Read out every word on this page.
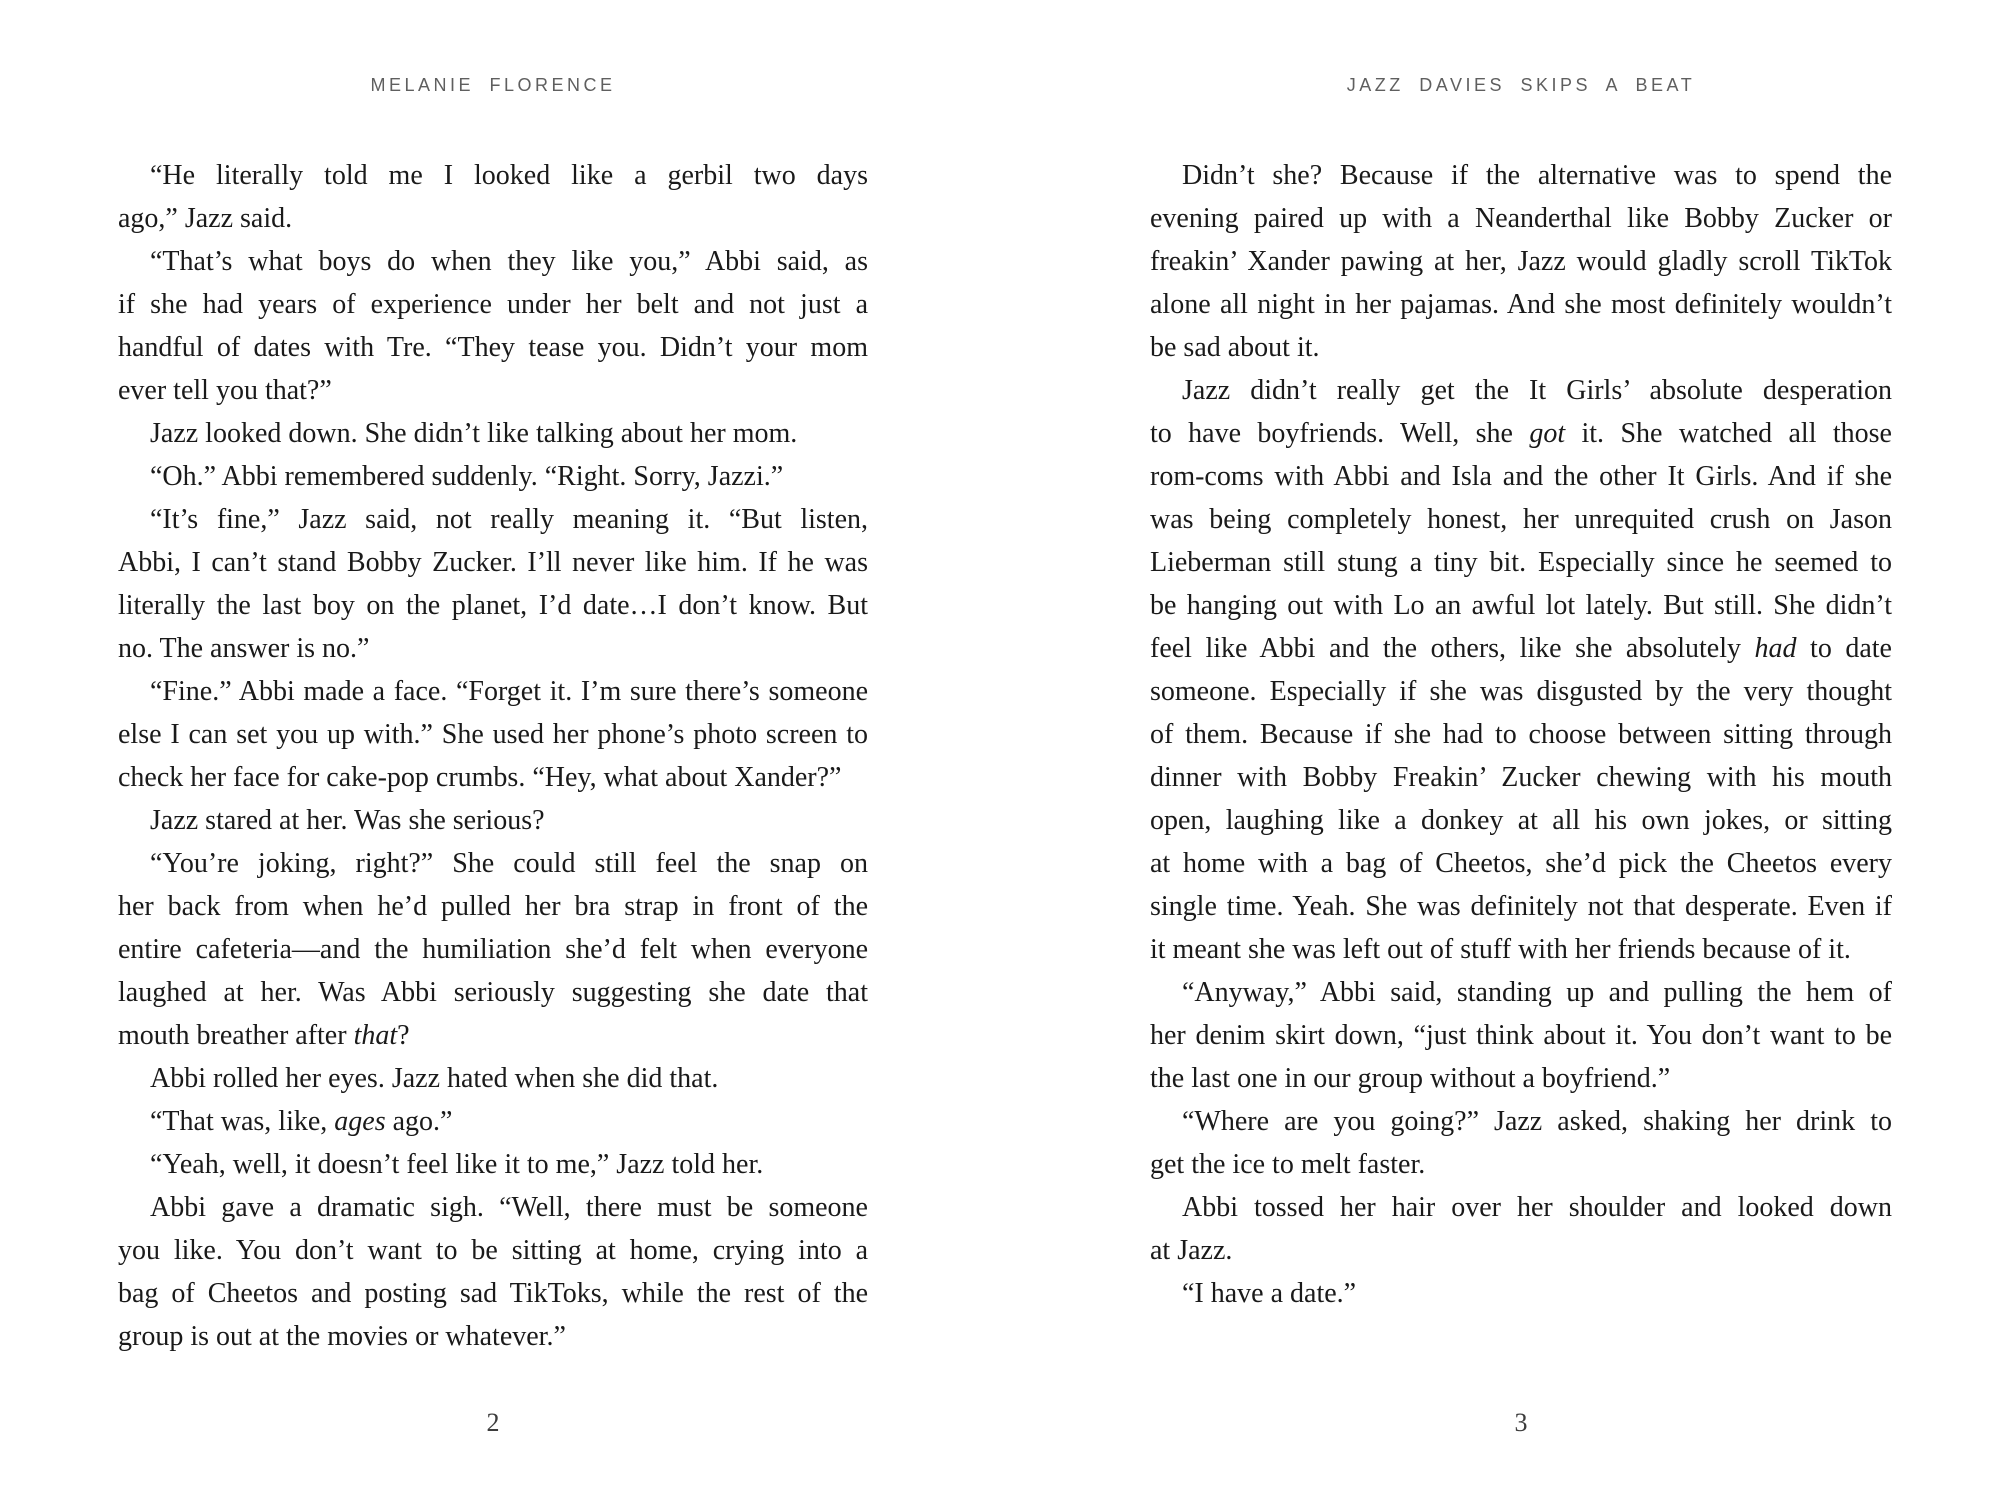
MELANIE FLORENCE
“He literally told me I looked like a gerbil two days
ago,” Jazz said.
“That’s what boys do when they like you,” Abbi said, as
if she had years of experience under her belt and not just a
handful of dates with Tre. “They tease you. Didn’t your mom
ever tell you that?”
Jazz looked down. She didn’t like talking about her mom.
“Oh.” Abbi remembered suddenly. “Right. Sorry, Jazzi.”
“It’s fine,” Jazz said, not really meaning it. “But listen,
Abbi, I can’t stand Bobby Zucker. I’ll never like him. If he was
literally the last boy on the planet, I’d date…I don’t know. But
no. The answer is no.”
“Fine.” Abbi made a face. “Forget it. I’m sure there’s someone
else I can set you up with.” She used her phone’s photo screen to
check her face for cake-pop crumbs. “Hey, what about Xander?”
Jazz stared at her. Was she serious?
“You’re joking, right?” She could still feel the snap on
her back from when he’d pulled her bra strap in front of the
entire cafeteria—and the humiliation she’d felt when everyone
laughed at her. Was Abbi seriously suggesting she date that
mouth breather after that?
Abbi rolled her eyes. Jazz hated when she did that.
“That was, like, ages ago.”
“Yeah, well, it doesn’t feel like it to me,” Jazz told her.
Abbi gave a dramatic sigh. “Well, there must be someone
you like. You don’t want to be sitting at home, crying into a
bag of Cheetos and posting sad TikToks, while the rest of the
group is out at the movies or whatever.”
2
JAZZ DAVIES SKIPS A BEAT
Didn’t she? Because if the alternative was to spend the
evening paired up with a Neanderthal like Bobby Zucker or
freakin’ Xander pawing at her, Jazz would gladly scroll TikTok
alone all night in her pajamas. And she most definitely wouldn’t
be sad about it.
Jazz didn’t really get the It Girls’ absolute desperation
to have boyfriends. Well, she got it. She watched all those
rom-coms with Abbi and Isla and the other It Girls. And if she
was being completely honest, her unrequited crush on Jason
Lieberman still stung a tiny bit. Especially since he seemed to
be hanging out with Lo an awful lot lately. But still. She didn’t
feel like Abbi and the others, like she absolutely had to date
someone. Especially if she was disgusted by the very thought
of them. Because if she had to choose between sitting through
dinner with Bobby Freakin’ Zucker chewing with his mouth
open, laughing like a donkey at all his own jokes, or sitting
at home with a bag of Cheetos, she’d pick the Cheetos every
single time. Yeah. She was definitely not that desperate. Even if
it meant she was left out of stuff with her friends because of it.
“Anyway,” Abbi said, standing up and pulling the hem of
her denim skirt down, “just think about it. You don’t want to be
the last one in our group without a boyfriend.”
“Where are you going?” Jazz asked, shaking her drink to
get the ice to melt faster.
Abbi tossed her hair over her shoulder and looked down
at Jazz.
“I have a date.”
3
